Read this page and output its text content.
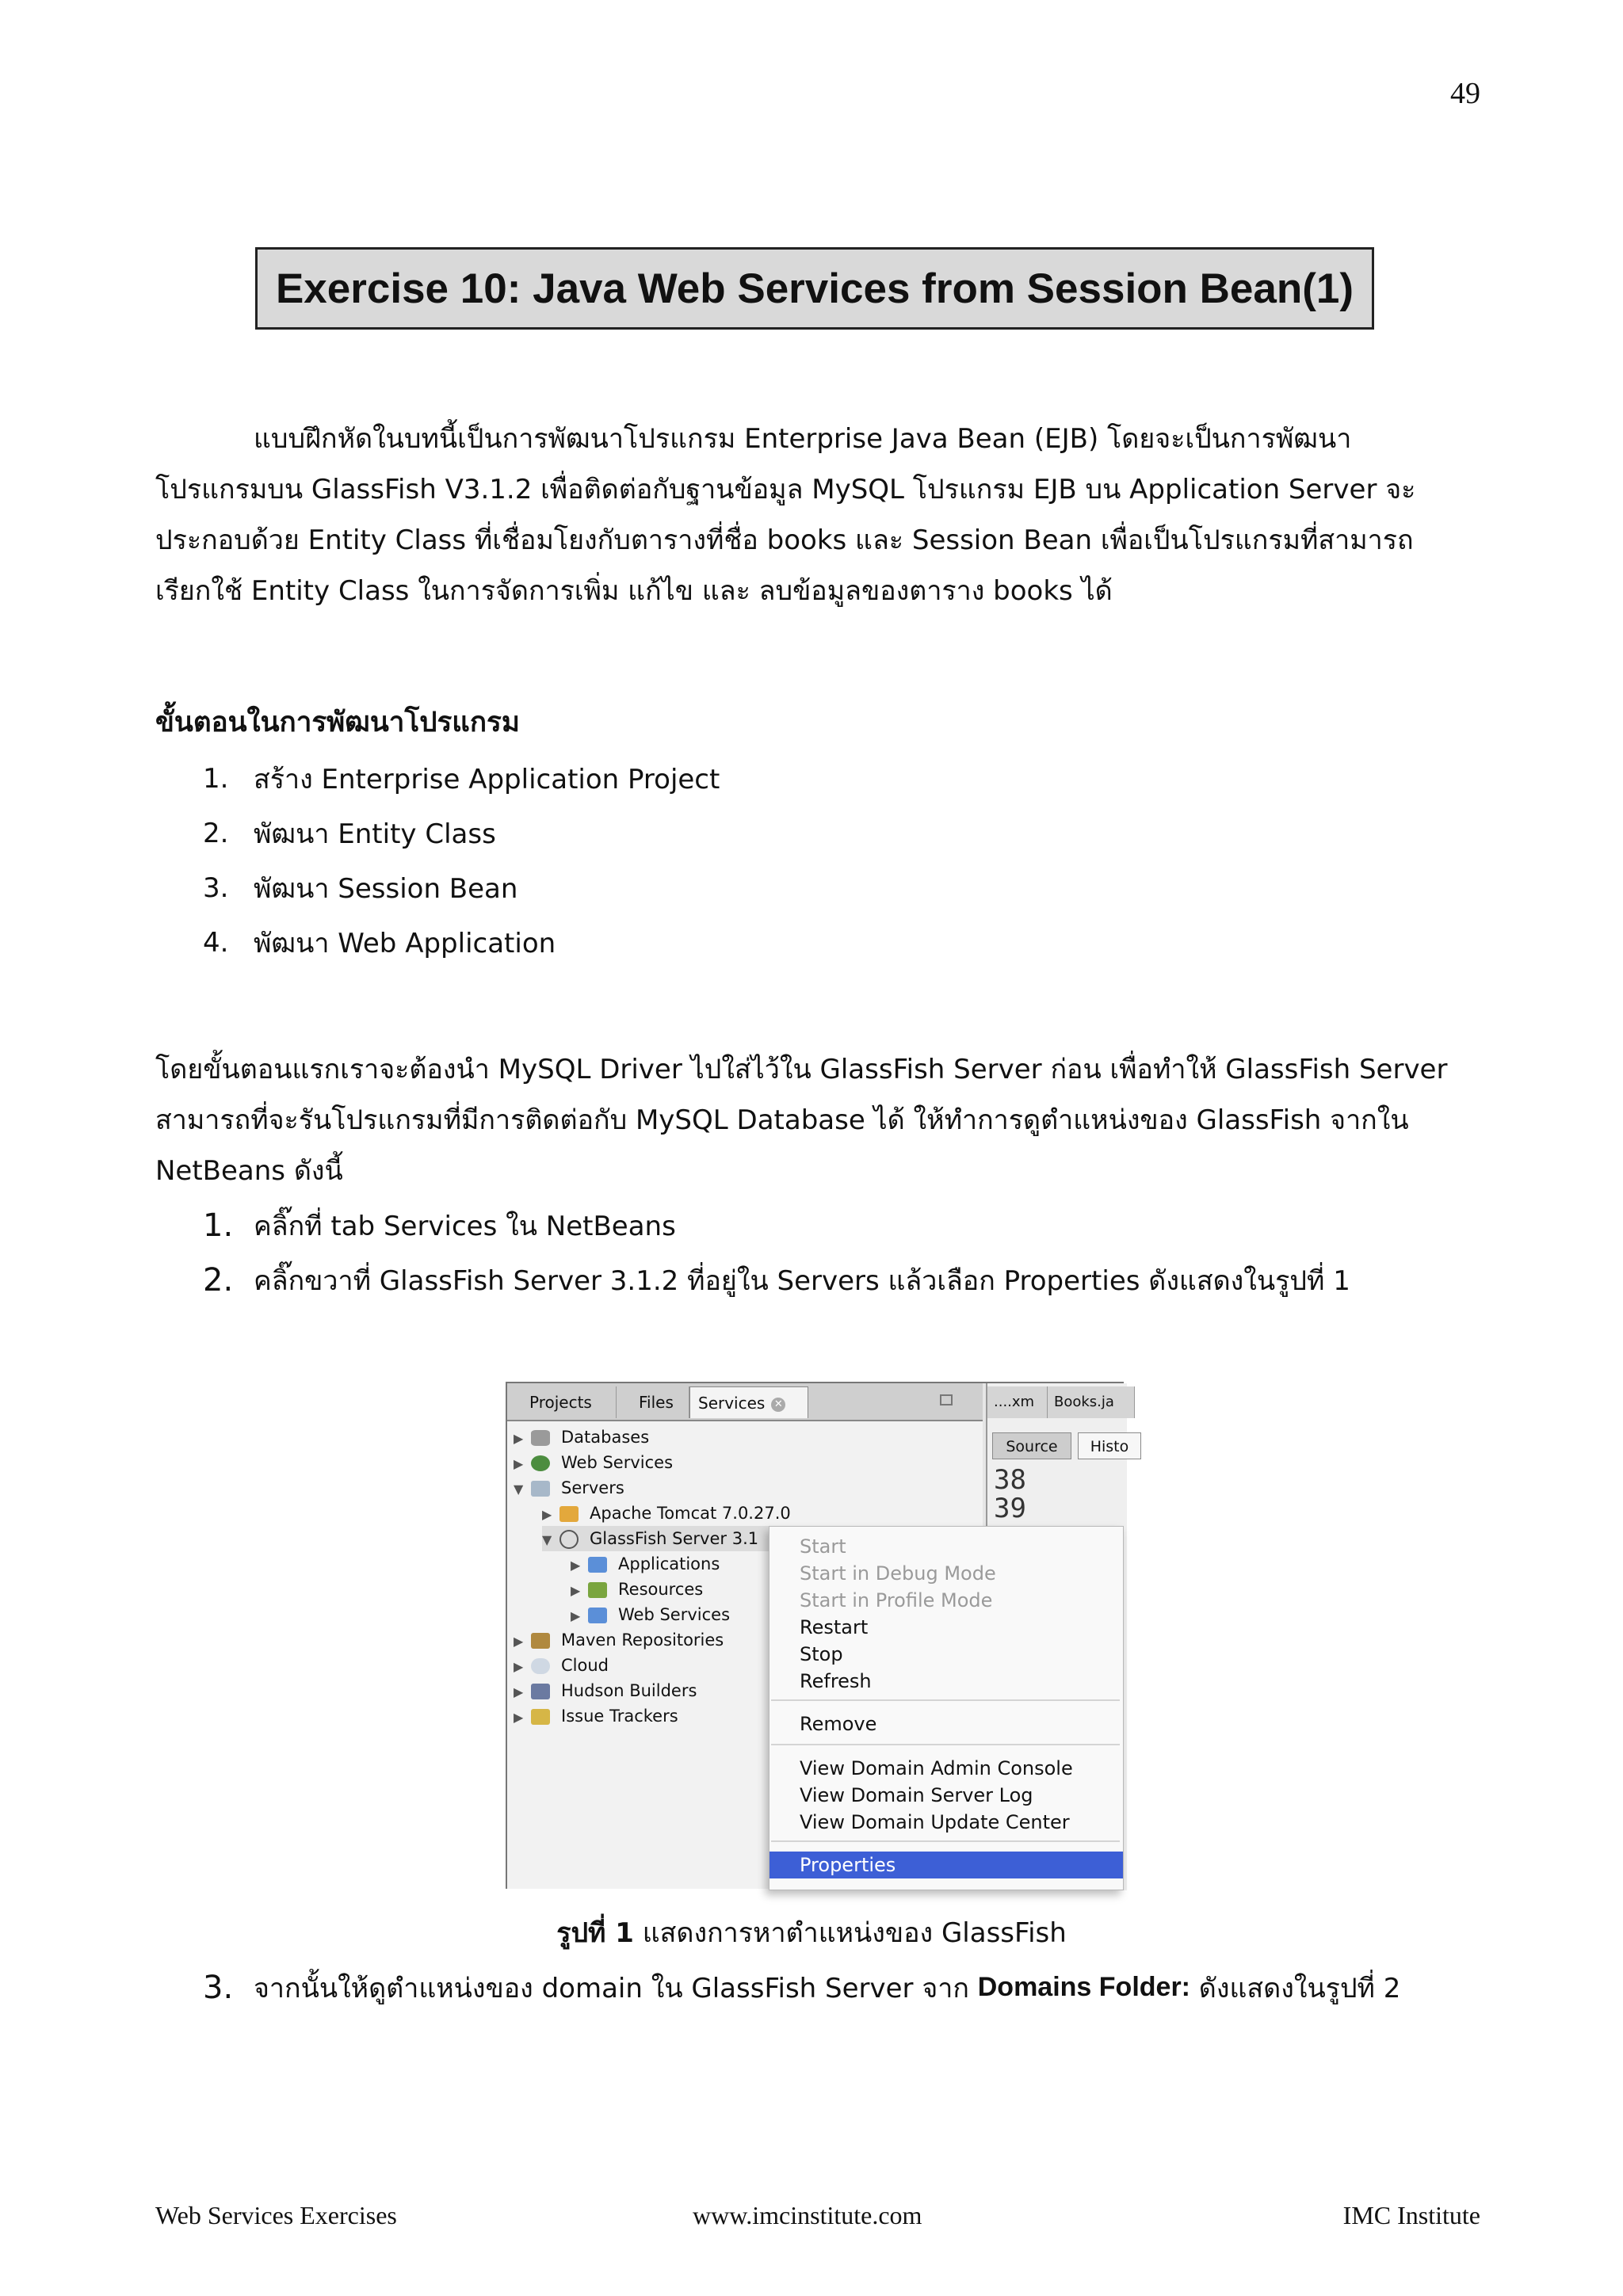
49
Exercise 10: Java Web Services from Session Bean(1)

แบบฝึกหัดในบทนี้เป็นการพัฒนาโปรแกรม Enterprise Java Bean (EJB) โดยจะเป็นการพัฒนา
โปรแกรมบน GlassFish V3.1.2 เพื่อติดต่อกับฐานข้อมูล MySQL โปรแกรม EJB บน Application Server จะ
ประกอบด้วย Entity Class ที่เชื่อมโยงกับตารางที่ชื่อ books และ Session Bean เพื่อเป็นโปรแกรมที่สามารถ
เรียกใช้ Entity Class ในการจัดการเพิ่ม แก้ไข และ ลบข้อมูลของตาราง books ได้

ขั้นตอนในการพัฒนาโปรแกรม
1. สร้าง Enterprise Application Project
2. พัฒนา Entity Class
3. พัฒนา Session Bean
4. พัฒนา Web Application

โดยขั้นตอนแรกเราจะต้องนำ MySQL Driver ไปใส่ไว้ใน GlassFish Server ก่อน เพื่อทำให้ GlassFish Server
สามารถที่จะรันโปรแกรมที่มีการติดต่อกับ MySQL Database ได้ ให้ทำการดูตำแหน่งของ GlassFish จากใน
NetBeans ดังนี้

1. คลิ๊กที่ tab Services ใน NetBeans
2. คลิ๊กขวาที่ GlassFish Server 3.1.2 ที่อยู่ใน Servers แล้วเลือก Properties ดังแสดงในรูปที่ 1
Projects	Files	Services ✕
▶ Databases
▶ Web Services
▼ Servers
▶ Apache Tomcat 7.0.27.0
▼ GlassFish Server 3.1
▶ Applications
▶ Resources
▶ Web Services
▶ Maven Repositories
▶ Cloud
▶ Hudson Builders
▶ Issue Trackers
....xm	Books.ja
Source	Histo
38
39
Start
Start in Debug Mode
Start in Profile Mode
Restart
Stop
Refresh
Remove
View Domain Admin Console
View Domain Server Log
View Domain Update Center
Properties
รูปที่ 1 แสดงการหาตำแหน่งของ GlassFish
3. จากนั้นให้ดูตำแหน่งของ domain ใน GlassFish Server จาก Domains Folder: ดังแสดงในรูปที่ 2
Web Services Exercises	www.imcinstitute.com	IMC Institute
